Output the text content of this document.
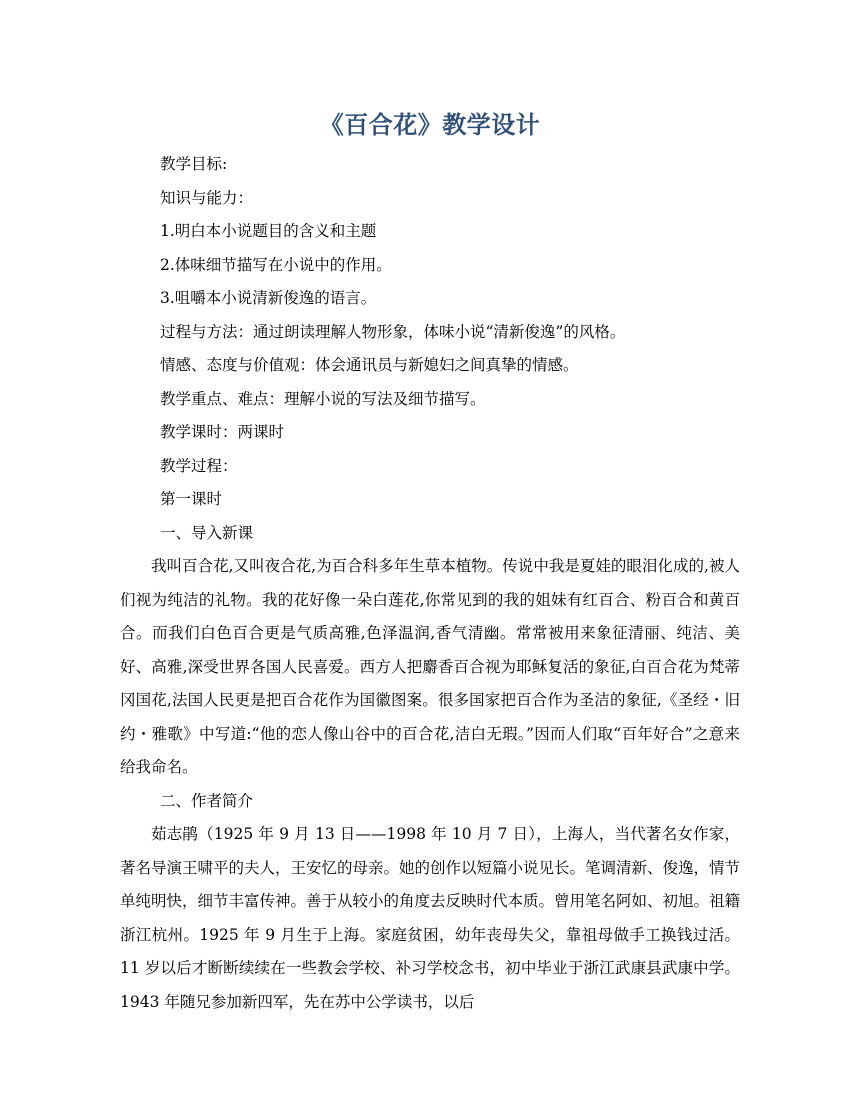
《百合花》教学设计

教学目标:

知识与能力：

1.明白本小说题目的含义和主题

2.体味细节描写在小说中的作用。

3.咀嚼本小说清新俊逸的语言。

过程与方法：通过朗读理解人物形象，体味小说“清新俊逸”的风格。

情感、态度与价值观：体会通讯员与新媳妇之间真挚的情感。

教学重点、难点：理解小说的写法及细节描写。

教学课时：两课时

教学过程：

第一课时

一、导入新课

我叫百合花,又叫夜合花,为百合科多年生草本植物。传说中我是夏娃的眼泪化成的,被人们视为纯洁的礼物。我的花好像一朵白莲花,你常见到的我的姐妹有红百合、粉百合和黄百合。而我们白色百合更是气质高雅,色泽温润,香气清幽。常常被用来象征清丽、纯洁、美好、高雅,深受世界各国人民喜爱。西方人把麝香百合视为耶稣复活的象征,白百合花为梵蒂冈国花,法国人民更是把百合花作为国徽图案。很多国家把百合作为圣洁的象征,《圣经・旧约・雅歌》中写道:“他的恋人像山谷中的百合花,洁白无瑕。”因而人们取“百年好合”之意来给我命名。

二、作者简介

茹志鹃（1925 年 9 月 13 日——1998 年 10 月 7 日），上海人，当代著名女作家，著名导演王啸平的夫人，王安忆的母亲。她的创作以短篇小说见长。笔调清新、俊逸，情节单纯明快，细节丰富传神。善于从较小的角度去反映时代本质。曾用笔名阿如、初旭。祖籍浙江杭州。1925 年 9 月生于上海。家庭贫困，幼年丧母失父，靠祖母做手工换钱过活。11 岁以后才断断续续在一些教会学校、补习学校念书，初中毕业于浙江武康县武康中学。1943 年随兄参加新四军，先在苏中公学读书，以后
